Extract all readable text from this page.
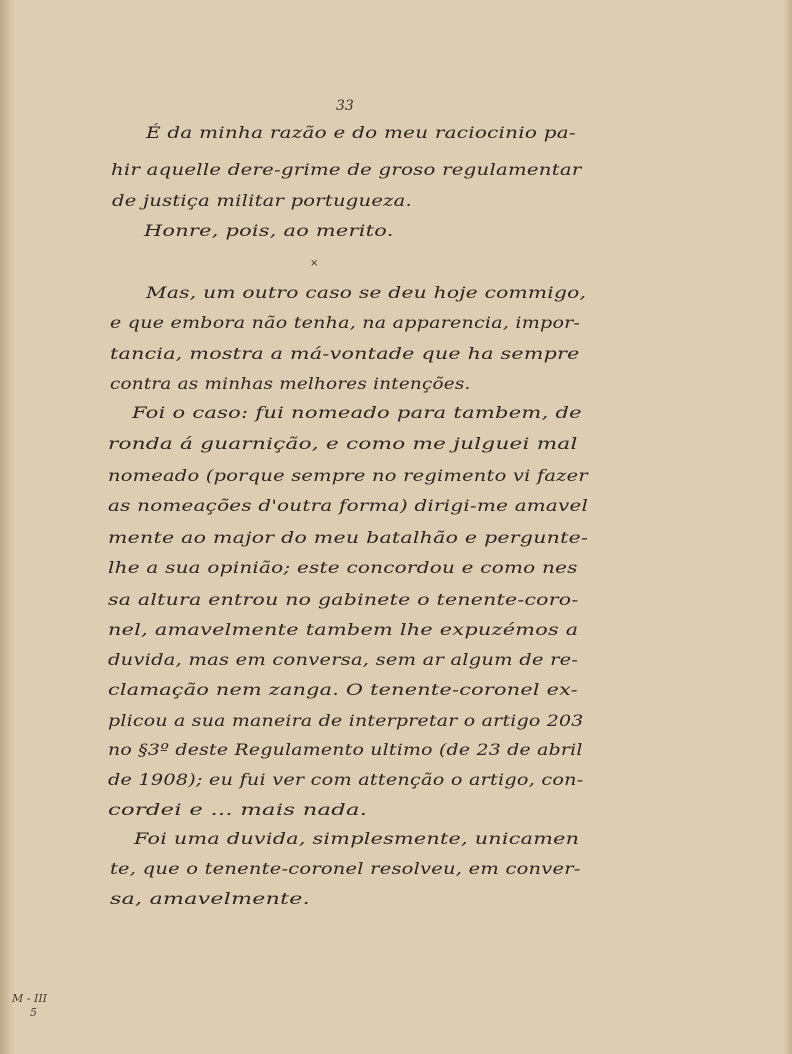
33
É da minha razão e do meu raciocinio pa-
hir aquelle dere-grime de groso regulamentar
de justiça militar portugueza.
Honre, pois, ao merito.
×
Mas, um outro caso se deu hoje commigo,
e que embora não tenha, na apparencia, impor-
tancia, mostra a má-vontade que ha sempre
contra as minhas melhores intenções.
Foi o caso: fui nomeado para tambem, de
ronda á guarnição, e como me julguei mal
nomeado (porque sempre no regimento vi fazer
as nomeações d'outra forma) dirigi-me amavel
mente ao major do meu batalhão e pergunte-
lhe a sua opinião; este concordou e como nes
sa altura entrou no gabinete o tenente-coro-
nel, amavelmente tambem lhe expuzémos a
duvida, mas em conversa, sem ar algum de re-
clamação nem zanga. O tenente-coronel ex-
plicou a sua maneira de interpretar o artigo 203
no §3º deste Regulamento ultimo (de 23 de abril
de 1908); eu fui ver com attenção o artigo, con-
cordei e ... mais nada.
Foi uma duvida, simplesmente, unicamen
te, que o tenente-coronel resolveu, em conver-
sa, amavelmente.
M - III
5
